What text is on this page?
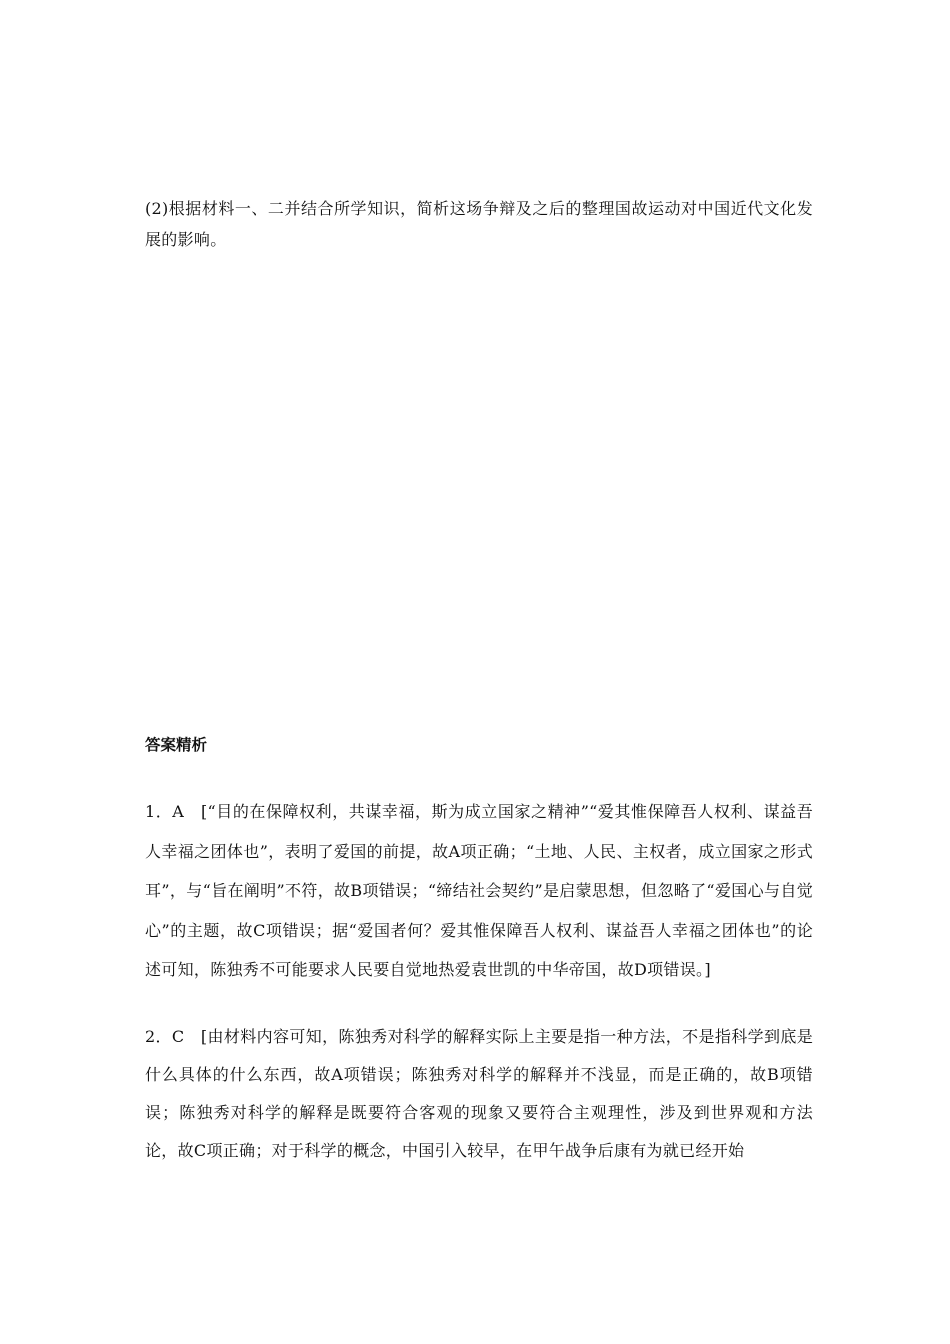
(2)根据材料一、二并结合所学知识，简析这场争辩及之后的整理国故运动对中国近代文化发展的影响。
答案精析
1．A　[“目的在保障权利，共谋幸福，斯为成立国家之精神”“爱其惟保障吾人权利、谋益吾人幸福之团体也”，表明了爱国的前提，故A项正确；“土地、人民、主权者，成立国家之形式耳”，与“旨在阐明”不符，故B项错误；“缔结社会契约”是启蒙思想，但忽略了“爱国心与自觉心”的主题，故C项错误；据“爱国者何？爱其惟保障吾人权利、谋益吾人幸福之团体也”的论述可知，陈独秀不可能要求人民要自觉地热爱袁世凯的中华帝国，故D项错误。]
2．C　[由材料内容可知，陈独秀对科学的解释实际上主要是指一种方法，不是指科学到底是什么具体的什么东西，故A项错误；陈独秀对科学的解释并不浅显，而是正确的，故B项错误；陈独秀对科学的解释是既要符合客观的现象又要符合主观理性，涉及到世界观和方法论，故C项正确；对于科学的概念，中国引入较早，在甲午战争后康有为就已经开始
